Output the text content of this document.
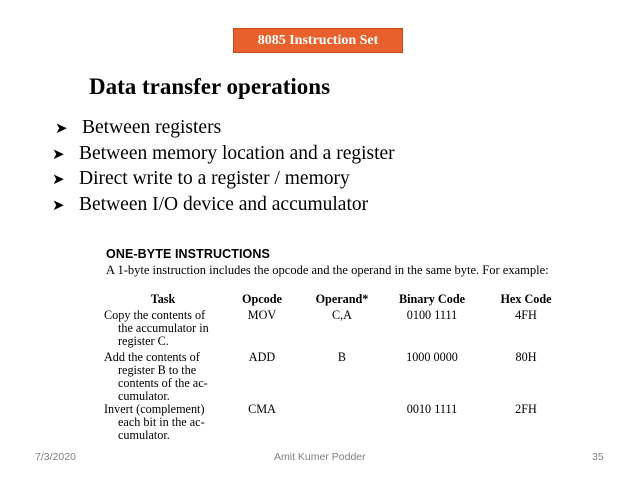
8085 Instruction Set
Data transfer operations
➤ Between registers
➤ Between memory location and a register
➤ Direct write to a register / memory
➤ Between I/O device and accumulator
ONE-BYTE INSTRUCTIONS
A 1-byte instruction includes the opcode and the operand in the same byte. For example:
Task	Opcode	Operand*	Binary Code	Hex Code

Copy the contents of
the accumulator in
register C.	MOV	C,A	0100 1111	4FH

Add the contents of
register B to the
contents of the ac-
cumulator.	ADD	B	1000 0000	80H

Invert (complement)
each bit in the ac-
cumulator.	CMA		0010 1111	2FH
7/3/2020	Amit Kumer Podder	35
